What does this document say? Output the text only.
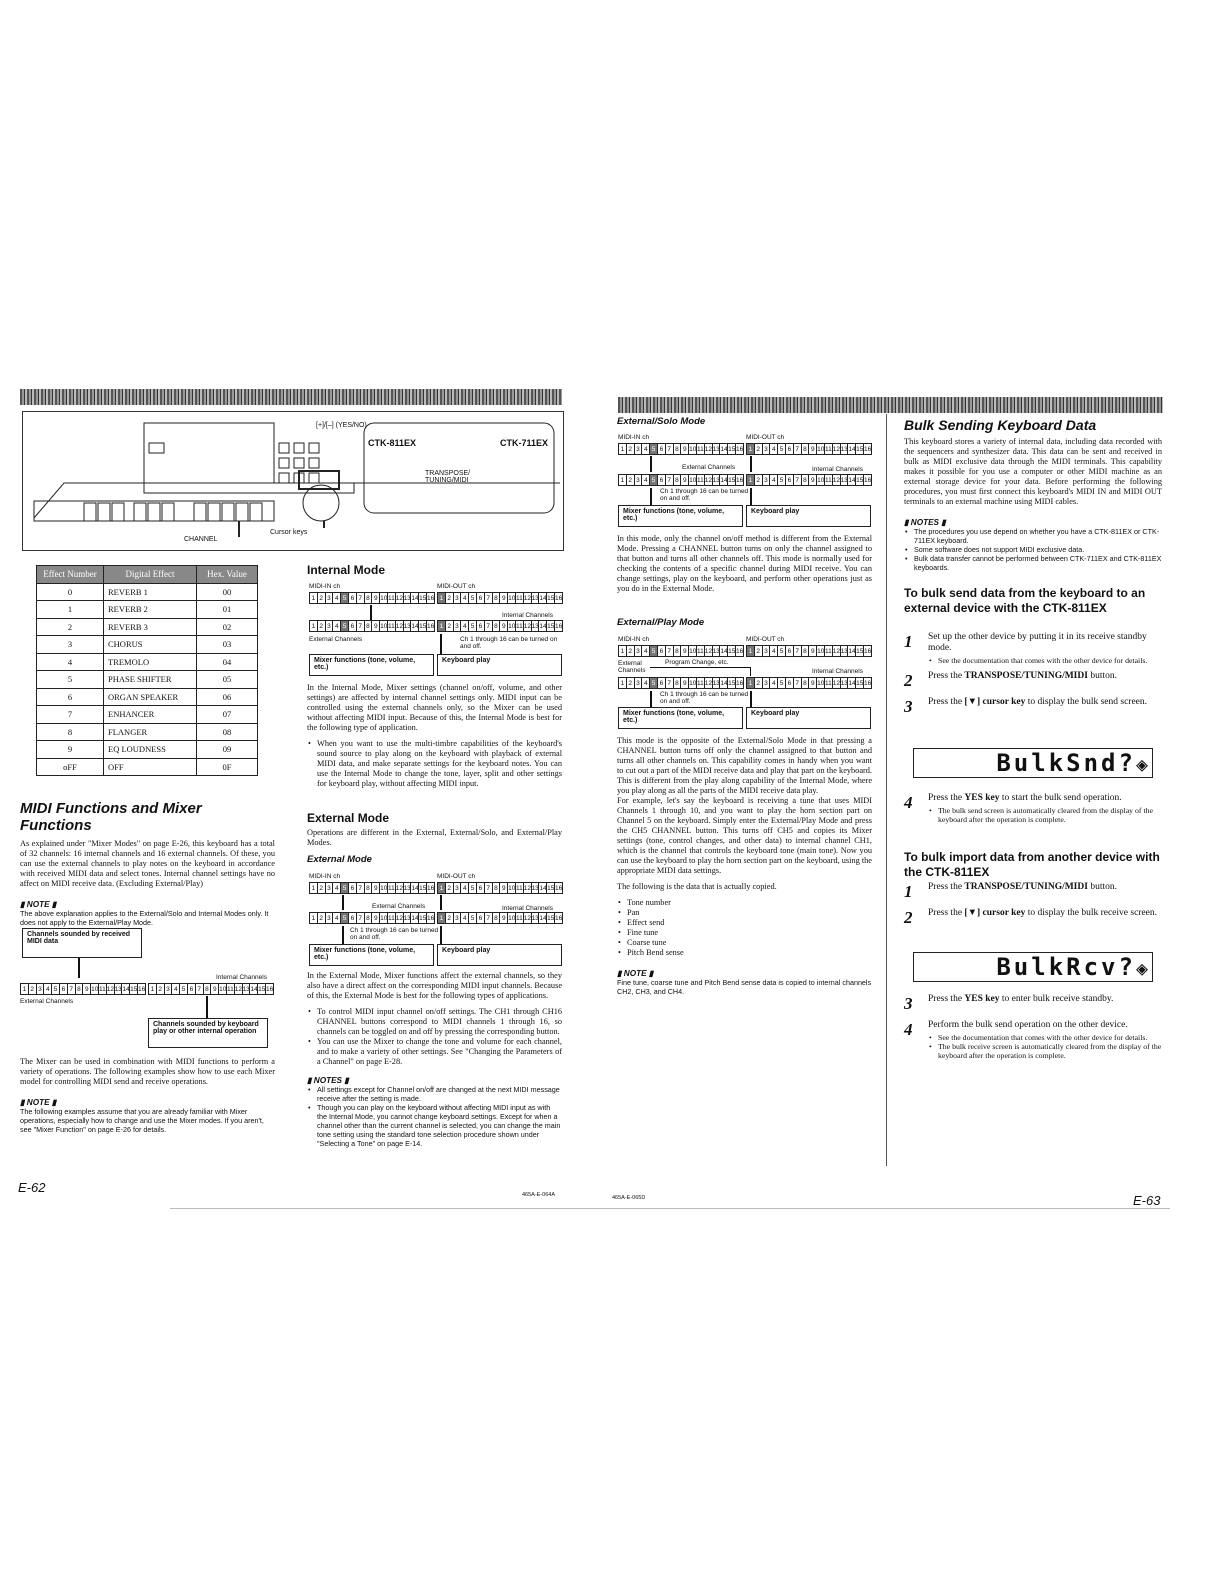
[+]/[–] (YES/NO)
CTK-811EX	CTK-711EX
TRANSPOSE/ TUNING/MIDI
CHANNEL
Cursor keys
Effect Number	Digital Effect	Hex. Value
0	REVERB 1	00
1	REVERB 2	01
2	REVERB 3	02
3	CHORUS	03
4	TREMOLO	04
5	PHASE SHIFTER	05
6	ORGAN SPEAKER	06
7	ENHANCER	07
8	FLANGER	08
9	EQ LOUDNESS	09
oFF	OFF	0F

MIDI Functions and Mixer Functions

As explained under "Mixer Modes" on page E-26, this keyboard has a total of 32 channels: 16 internal channels and 16 external channels. Of these, you can use the external channels to play notes on the keyboard in accordance with received MIDI data and select tones. Internal channel settings have no affect on MIDI receive data. (Excluding External/Play)

▮ NOTE ▮

The above explanation applies to the External/Solo and Internal Modes only. It does not apply to the External/Play Mode.

Channels sounded by received MIDI data
Internal Channels
1 2 3 4 5 6 7 8 9 10 11 12 13 14 15 16 1 2 3 4 5 6 7 8 9 10 11 12 13 14 15 16
External Channels
Channels sounded by keyboard play or other internal operation

The Mixer can be used in combination with MIDI functions to perform a variety of operations. The following examples show how to use each Mixer model for controlling MIDI send and receive operations.

▮ NOTE ▮

The following examples assume that you are already familiar with Mixer operations, especially how to change and use the Mixer modes. If you aren't, see "Mixer Function" on page E-26 for details.

E-62	465A-E-064A
Internal Mode
MIDI-IN ch	MIDI-OUT ch
1 2 3 4 5 6 7 8 9 10 11 12 13 14 15 16 1 2 3 4 5 6 7 8 9 10 11 12 13 14 15 16
Internal Channels
1 2 3 4 5 6 7 8 9 10 11 12 13 14 15 16 1 2 3 4 5 6 7 8 9 10 11 12 13 14 15 16
External Channels	Ch 1 through 16 can be turned on and off.
Mixer functions (tone, volume, etc.)
Keyboard play

In the Internal Mode, Mixer settings (channel on/off, volume, and other settings) are affected by internal channel settings only. MIDI input can be controlled using the external channels only, so the Mixer can be used without affecting MIDI input. Because of this, the Internal Mode is best for the following type of application.

• When you want to use the multi-timbre capabilities of the keyboard's sound source to play along on the keyboard with playback of external MIDI data, and make separate settings for the keyboard notes. You can use the Internal Mode to change the tone, layer, split and other settings for keyboard play, without affecting MIDI input.
External Mode
Operations are different in the External, External/Solo, and External/Play Modes.
External Mode
MIDI-IN ch	MIDI-OUT ch
1 2 3 4 5 6 7 8 9 10 11 12 13 14 15 16 1 2 3 4 5 6 7 8 9 10 11 12 13 14 15 16
External Channels	Internal Channels
1 2 3 4 5 6 7 8 9 10 11 12 13 14 15 16 1 2 3 4 5 6 7 8 9 10 11 12 13 14 15 16
Ch 1 through 16 can be turned on and off.
Mixer functions (tone, volume, etc.)
Keyboard play

In the External Mode, Mixer functions affect the external channels, so they also have a direct affect on the corresponding MIDI input channels. Because of this, the External Mode is best for the following types of applications.

• To control MIDI input channel on/off settings. The CH1 through CH16 CHANNEL buttons correspond to MIDI channels 1 through 16, so channels can be toggled on and off by pressing the corresponding button.
• You can use the Mixer to change the tone and volume for each channel, and to make a variety of other settings. See "Changing the Parameters of a Channel" on page E-28.

▮ NOTES ▮

• All settings except for Channel on/off are changed at the next MIDI message receive after the setting is made.
• Though you can play on the keyboard without affecting MIDI input as with the Internal Mode, you cannot change keyboard settings. Except for when a channel other than the current channel is selected, you can change the main tone setting using the standard tone selection procedure shown under "Selecting a Tone" on page E-14.
External/Solo Mode
MIDI-IN ch	MIDI-OUT ch
1 2 3 4 5 6 7 8 9 10 11 12 13 14 15 16 1 2 3 4 5 6 7 8 9 10 11 12 13 14 15 16
External Channels	Internal Channels
1 2 3 4 5 6 7 8 9 10 11 12 13 14 15 16 1 2 3 4 5 6 7 8 9 10 11 12 13 14 15 16
Ch 1 through 16 can be turned on and off.
Mixer functions (tone, volume, etc.)
Keyboard play
In this mode, only the channel on/off method is different from the External Mode. Pressing a CHANNEL button turns on only the channel assigned to that button and turns all other channels off. This mode is normally used for checking the contents of a specific channel during MIDI receive. You can change settings, play on the keyboard, and perform other operations just as you do in the External Mode.
External/Play Mode
MIDI-IN ch	MIDI-OUT ch
1 2 3 4 5 6 7 8 9 10 11 12 13 14 15 16 1 2 3 4 5 6 7 8 9 10 11 12 13 14 15 16
External Channels
Program Change, etc.
Internal Channels
1 2 3 4 5 6 7 8 9 10 11 12 13 14 15 16 1 2 3 4 5 6 7 8 9 10 11 12 13 14 15 16
Ch 1 through 16 can be turned on and off.
Mixer functions (tone, volume, etc.)
Keyboard play

This mode is the opposite of the External/Solo Mode in that pressing a CHANNEL button turns off only the channel assigned to that button and turns all other channels on. This capability comes in handy when you want to cut out a part of the MIDI receive data and play that part on the keyboard. This is different from the play along capability of the Internal Mode, where you play along as all the parts of the MIDI receive data play.

For example, let's say the keyboard is receiving a tune that uses MIDI Channels 1 through 10, and you want to play the horn section part on Channel 5 on the keyboard. Simply enter the External/Play Mode and press the CH5 CHANNEL button. This turns off CH5 and copies its Mixer settings (tone, control changes, and other data) to internal channel CH1, which is the channel that controls the keyboard tone (main tone). Now you can use the keyboard to play the horn section part on the keyboard, using the appropriate MIDI data settings.

The following is the data that is actually copied.

• Tone number
• Pan
• Effect send
• Fine tune
• Coarse tune
• Pitch Bend sense

▮ NOTE ▮

Fine tune, coarse tune and Pitch Bend sense data is copied to internal channels CH2, CH3, and CH4.

Bulk Sending Keyboard Data

This keyboard stores a variety of internal data, including data recorded with the sequencers and synthesizer data. This data can be sent and received in bulk as MIDI exclusive data through the MIDI terminals. This capability makes it possible for you use a computer or other MIDI machine as an external storage device for your data. Before performing the following procedures, you must first connect this keyboard's MIDI IN and MIDI OUT terminals to an external machine using MIDI cables.

▮ NOTES ▮

• The procedures you use depend on whether you have a CTK-811EX or CTK-711EX keyboard.
• Some software does not support MIDI exclusive data.
• Bulk data transfer cannot be performed between CTK-711EX and CTK-811EX keyboards.

To bulk send data from the keyboard to an external device with the CTK-811EX

1	Set up the other device by putting it in its receive standby mode.
• See the documentation that comes with the other device for details.
2	Press the TRANSPOSE/TUNING/MIDI button.
3	Press the [▼] cursor key to display the bulk send screen.
BulkSnd?◈
4	Press the YES key to start the bulk send operation.
• The bulk send screen is automatically cleared from the display of the keyboard after the operation is complete.
To bulk import data from another device with the CTK-811EX
1	Press the TRANSPOSE/TUNING/MIDI button.
2	Press the [▼] cursor key to display the bulk receive screen.
BulkRcv?◈
3	Press the YES key to enter bulk receive standby.
4	Perform the bulk send operation on the other device.
• See the documentation that comes with the other device for details.
• The bulk receive screen is automatically cleared from the display of the keyboard after the operation is complete.
465A-E-065D	E-63
